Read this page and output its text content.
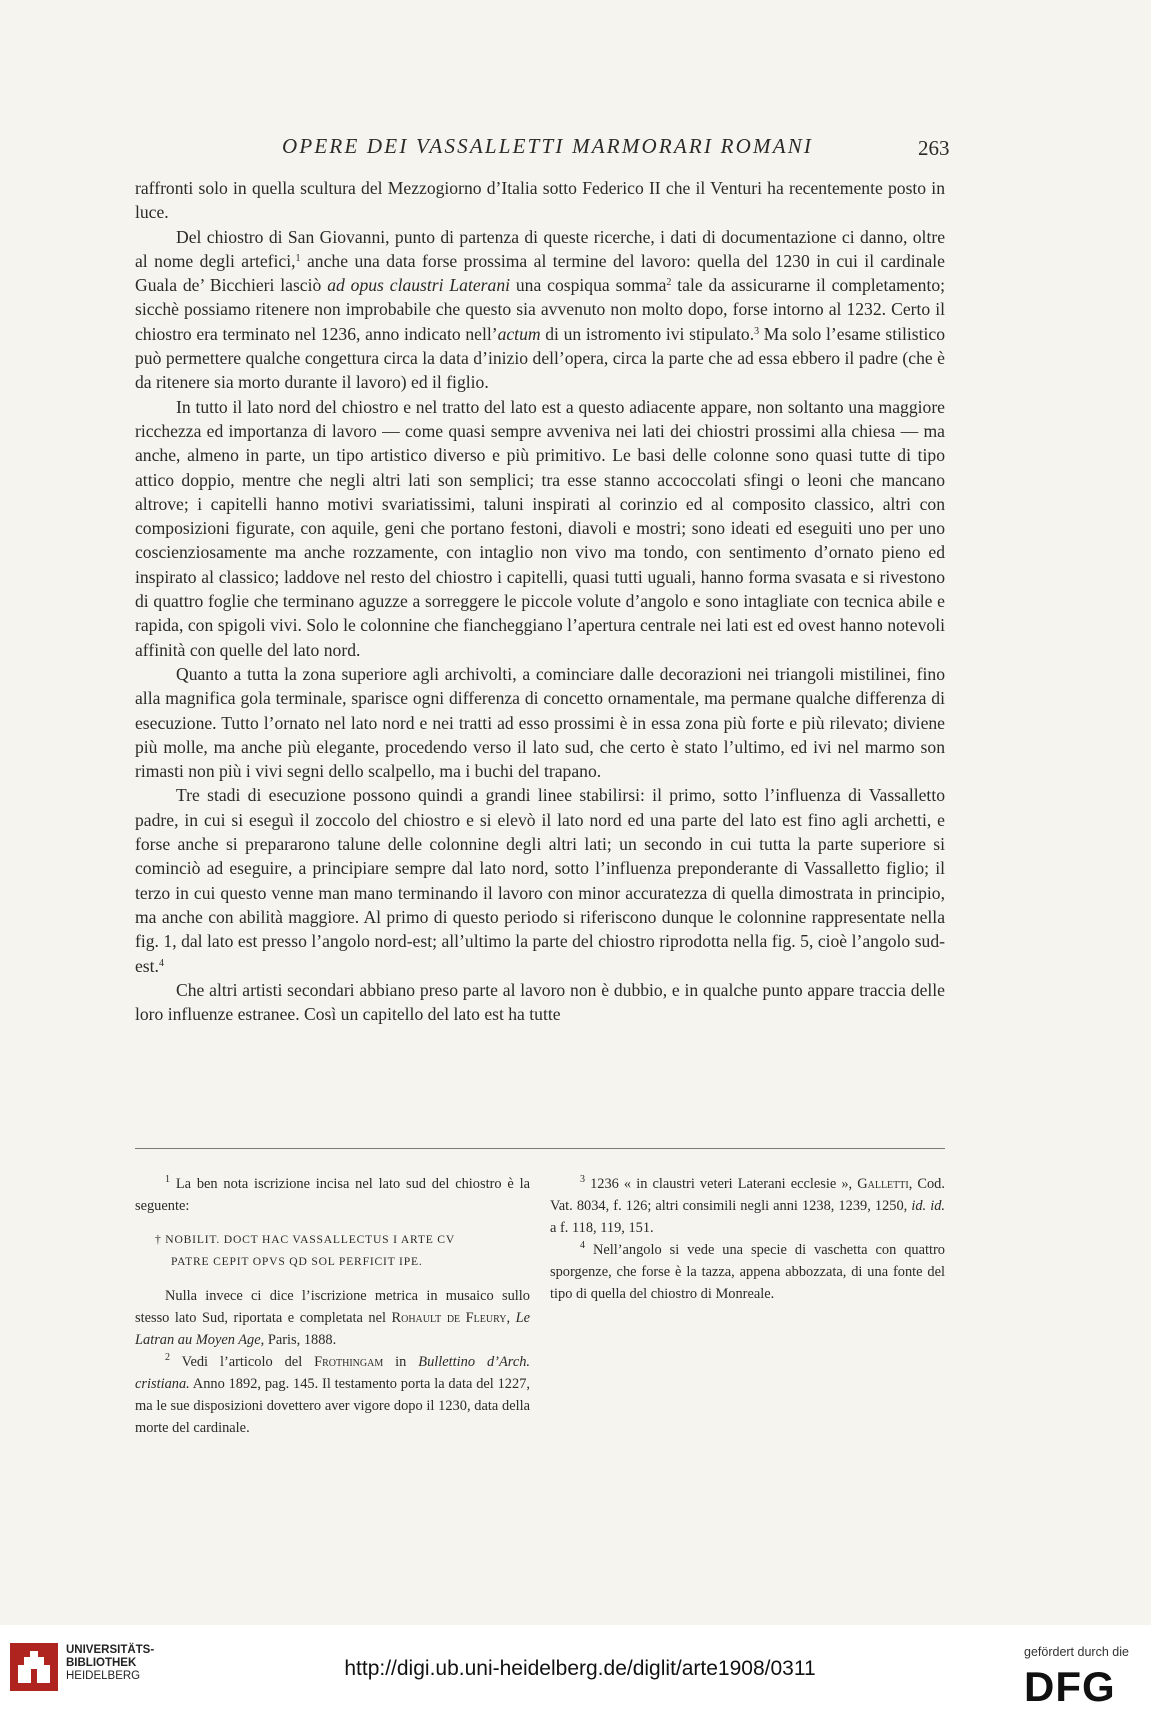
OPERE DEI VASSALLETTI MARMORARI ROMANI	263

raffronti solo in quella scultura del Mezzogiorno d’Italia sotto Federico II che il Venturi ha recentemente posto in luce.

Del chiostro di San Giovanni, punto di partenza di queste ricerche, i dati di documentazione ci danno, oltre al nome degli artefici,$^1$ anche una data forse prossima al termine del lavoro: quella del 1230 in cui il cardinale Guala de’ Bicchieri lasciò ad opus claustri Laterani una cospiqua somma$^2$ tale da assicurarne il completamento; sicchè possiamo ritenere non improbabile che questo sia avvenuto non molto dopo, forse intorno al 1232. Certo il chiostro era terminato nel 1236, anno indicato nell’actum di un istromento ivi stipulato.$^3$ Ma solo l’esame stilistico può permettere qualche congettura circa la data d’inizio dell’opera, circa la parte che ad essa ebbero il padre (che è da ritenere sia morto durante il lavoro) ed il figlio.

In tutto il lato nord del chiostro e nel tratto del lato est a questo adiacente appare, non soltanto una maggiore ricchezza ed importanza di lavoro — come quasi sempre avveniva nei lati dei chiostri prossimi alla chiesa — ma anche, almeno in parte, un tipo artistico diverso e più primitivo. Le basi delle colonne sono quasi tutte di tipo attico doppio, mentre che negli altri lati son semplici; tra esse stanno accoccolati sfingi o leoni che mancano altrove; i capitelli hanno motivi svariatissimi, taluni inspirati al corinzio ed al composito classico, altri con composizioni figurate, con aquile, geni che portano festoni, diavoli e mostri; sono ideati ed eseguiti uno per uno coscienziosamente ma anche rozzamente, con intaglio non vivo ma tondo, con sentimento d’ornato pieno ed inspirato al classico; laddove nel resto del chiostro i capitelli, quasi tutti uguali, hanno forma svasata e si rivestono di quattro foglie che terminano aguzze a sorreggere le piccole volute d’angolo e sono intagliate con tecnica abile e rapida, con spigoli vivi. Solo le colonnine che fiancheggiano l’apertura centrale nei lati est ed ovest hanno notevoli affinità con quelle del lato nord.

Quanto a tutta la zona superiore agli archivolti, a cominciare dalle decorazioni nei triangoli mistilinei, fino alla magnifica gola terminale, sparisce ogni differenza di concetto ornamentale, ma permane qualche differenza di esecuzione. Tutto l’ornato nel lato nord e nei tratti ad esso prossimi è in essa zona più forte e più rilevato; diviene più molle, ma anche più elegante, procedendo verso il lato sud, che certo è stato l’ultimo, ed ivi nel marmo son rimasti non più i vivi segni dello scalpello, ma i buchi del trapano.

Tre stadi di esecuzione possono quindi a grandi linee stabilirsi: il primo, sotto l’influenza di Vassalletto padre, in cui si eseguì il zoccolo del chiostro e si elevò il lato nord ed una parte del lato est fino agli archetti, e forse anche si prepararono talune delle colonnine degli altri lati; un secondo in cui tutta la parte superiore si cominciò ad eseguire, a principiare sempre dal lato nord, sotto l’influenza preponderante di Vassalletto figlio; il terzo in cui questo venne man mano terminando il lavoro con minor accuratezza di quella dimostrata in principio, ma anche con abilità maggiore. Al primo di questo periodo si riferiscono dunque le colonnine rappresentate nella fig. 1, dal lato est presso l’angolo nord-est; all’ultimo la parte del chiostro riprodotta nella fig. 5, cioè l’angolo sud-est.$^4$

Che altri artisti secondari abbiano preso parte al lavoro non è dubbio, e in qualche punto appare traccia delle loro influenze estranee. Così un capitello del lato est ha tutte

$^1$ La ben nota iscrizione incisa nel lato sud del chiostro è la seguente:

† NOBILIT. DOCT HAC VASSALLECTUS I ARTE CV
PATRE CEPIT OPVS QD SOL PERFICIT IPE.

Nulla invece ci dice l’iscrizione metrica in musaico sullo stesso lato Sud, riportata e completata nel Rohault de Fleury, Le Latran au Moyen Age, Paris, 1888.

$^2$ Vedi l’articolo del Frothingam in Bullettino d’Arch. cristiana. Anno 1892, pag. 145. Il testamento porta la data del 1227, ma le sue disposizioni dovettero aver vigore dopo il 1230, data della morte del cardinale.

$^3$ 1236 « in claustri veteri Laterani ecclesie », Galletti, Cod. Vat. 8034, f. 126; altri consimili negli anni 1238, 1239, 1250, id. id. a f. 118, 119, 151.

$^4$ Nell’angolo si vede una specie di vaschetta con quattro sporgenze, che forse è la tazza, appena abbozzata, di una fonte del tipo di quella del chiostro di Monreale.

UNIVERSITÄTS-
BIBLIOTHEK
HEIDELBERG	http://digi.ub.uni-heidelberg.de/diglit/arte1908/0311
gefördert durch die
DFG
